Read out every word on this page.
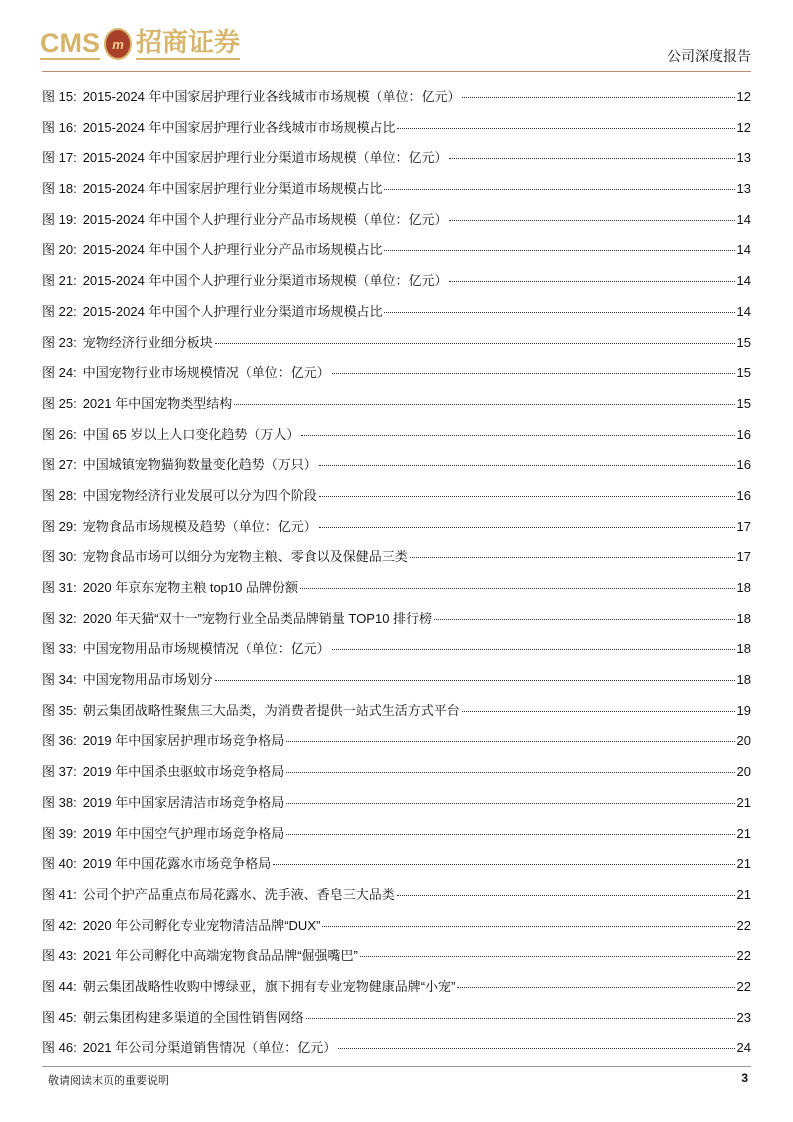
CMS m 招商证券	公司深度报告
图 15: 2015-2024 年中国家居护理行业各线城市市场规模（单位：亿元）	12
图 16: 2015-2024 年中国家居护理行业各线城市市场规模占比	12
图 17: 2015-2024 年中国家居护理行业分渠道市场规模（单位：亿元）	13
图 18: 2015-2024 年中国家居护理行业分渠道市场规模占比	13
图 19: 2015-2024 年中国个人护理行业分产品市场规模（单位：亿元）	14
图 20: 2015-2024 年中国个人护理行业分产品市场规模占比	14
图 21: 2015-2024 年中国个人护理行业分渠道市场规模（单位：亿元）	14
图 22: 2015-2024 年中国个人护理行业分渠道市场规模占比	14
图 23: 宠物经济行业细分板块	15
图 24: 中国宠物行业市场规模情况（单位：亿元）	15
图 25: 2021 年中国宠物类型结构	15
图 26: 中国 65 岁以上人口变化趋势（万人）	16
图 27: 中国城镇宠物猫狗数量变化趋势（万只）	16
图 28: 中国宠物经济行业发展可以分为四个阶段	16
图 29: 宠物食品市场规模及趋势（单位：亿元）	17
图 30: 宠物食品市场可以细分为宠物主粮、零食以及保健品三类	17
图 31: 2020 年京东宠物主粮 top10 品牌份额	18
图 32: 2020 年天猫“双十一”宠物行业全品类品牌销量 TOP10 排行榜	18
图 33: 中国宠物用品市场规模情况（单位：亿元）	18
图 34: 中国宠物用品市场划分	18
图 35: 朝云集团战略性聚焦三大品类，为消费者提供一站式生活方式平台	19
图 36: 2019 年中国家居护理市场竞争格局	20
图 37: 2019 年中国杀虫驱蚊市场竞争格局	20
图 38: 2019 年中国家居清洁市场竞争格局	21
图 39: 2019 年中国空气护理市场竞争格局	21
图 40: 2019 年中国花露水市场竞争格局	21
图 41: 公司个护产品重点布局花露水、洗手液、香皂三大品类	21
图 42: 2020 年公司孵化专业宠物清洁品牌“DUX”	22
图 43: 2021 年公司孵化中高端宠物食品品牌“倔强嘴巴”	22
图 44: 朝云集团战略性收购中博绿亚，旗下拥有专业宠物健康品牌“小宠”	22
图 45: 朝云集团构建多渠道的全国性销售网络	23
图 46: 2021 年公司分渠道销售情况（单位：亿元）	24
敬请阅读末页的重要说明	3
